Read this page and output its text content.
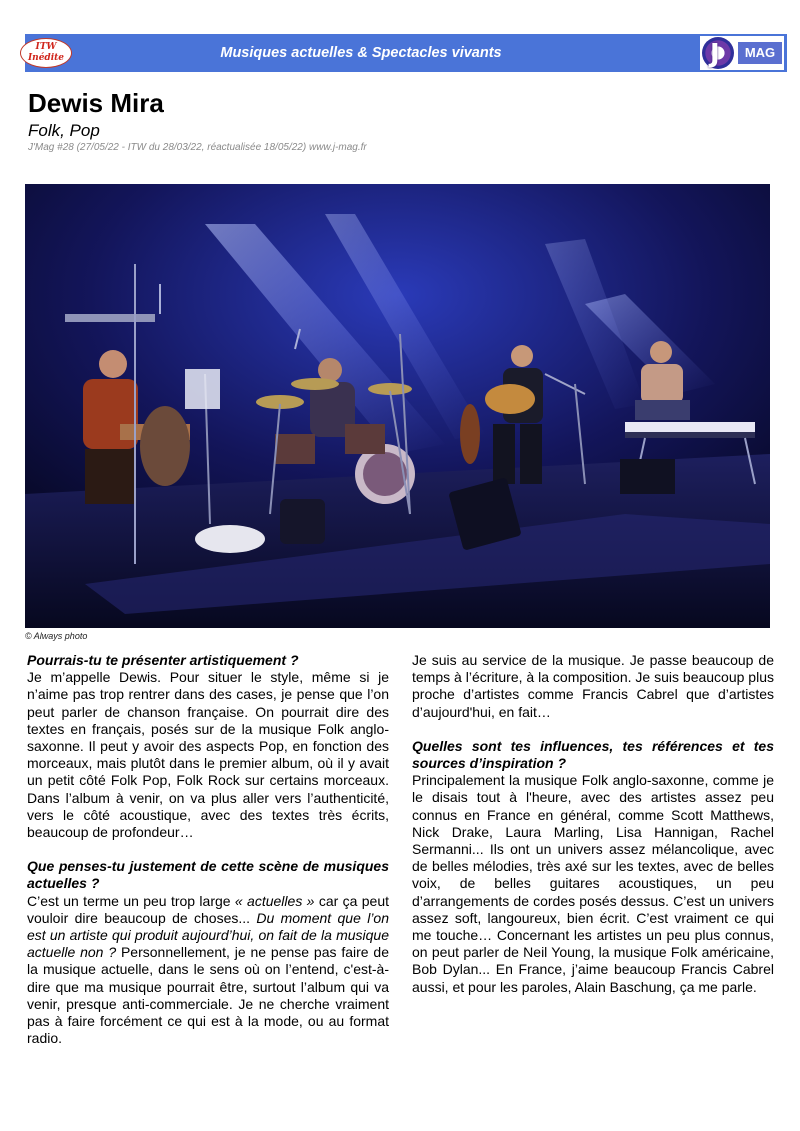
Musiques actuelles & Spectacles vivants
ITW
Inédite	J	MAG
Dewis Mira
Folk, Pop
J'Mag #28 (27/05/22 - ITW du 28/03/22, réactualisée 18/05/22) www.j-mag.fr
© Always photo

Pourrais-tu te présenter artistiquement ?

Je m’appelle Dewis. Pour situer le style, même si je n’aime pas trop rentrer dans des cases, je pense que l’on peut parler de chanson française. On pourrait dire des textes en français, posés sur de la musique Folk anglo-saxonne. Il peut y avoir des aspects Pop, en fonction des morceaux, mais plutôt dans le premier album, où il y avait un petit côté Folk Pop, Folk Rock sur certains morceaux. Dans l’album à venir, on va plus aller vers l’authenticité, vers le côté acoustique, avec des textes très écrits, beaucoup de profondeur…

Que penses-tu justement de cette scène de musiques actuelles ?

C’est un terme un peu trop large « actuelles » car ça peut vouloir dire beaucoup de choses... Du moment que l’on est un artiste qui produit aujourd’hui, on fait de la musique actuelle non ? Personnellement, je ne pense pas faire de la musique actuelle, dans le sens où on l’entend, c'est-à-dire que ma musique pourrait être, surtout l’album qui va venir, presque anti-commerciale. Je ne cherche vraiment pas à faire forcément ce qui est à la mode, ou au format radio.

Je suis au service de la musique. Je passe beaucoup de temps à l’écriture, à la composition. Je suis beaucoup plus proche d’artistes comme Francis Cabrel que d’artistes d’aujourd'hui, en fait…

Quelles sont tes influences, tes références et tes sources d’inspiration ?

Principalement la musique Folk anglo-saxonne, comme je le disais tout à l'heure, avec des artistes assez peu connus en France en général, comme Scott Matthews, Nick Drake, Laura Marling, Lisa Hannigan, Rachel Sermanni... Ils ont un univers assez mélancolique, avec de belles mélodies, très axé sur les textes, avec de belles voix, de belles guitares acoustiques, un peu d’arrangements de cordes posés dessus. C’est un univers assez soft, langoureux, bien écrit. C’est vraiment ce qui me touche… Concernant les artistes un peu plus connus, on peut parler de Neil Young, la musique Folk américaine, Bob Dylan... En France, j’aime beaucoup Francis Cabrel aussi, et pour les paroles, Alain Baschung, ça me parle.
